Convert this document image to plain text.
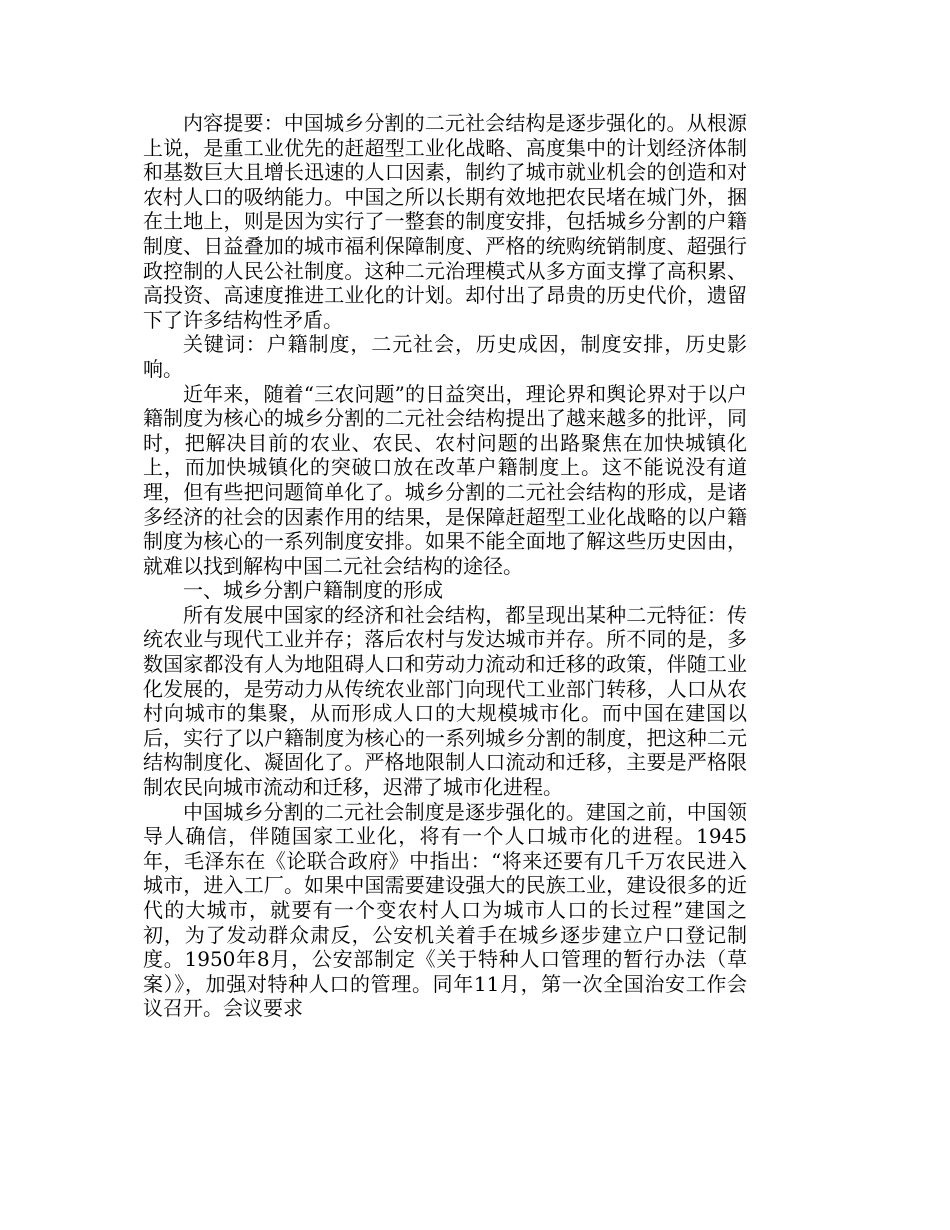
内容提要：中国城乡分割的二元社会结构是逐步强化的。从根源上说，是重工业优先的赶超型工业化战略、高度集中的计划经济体制和基数巨大且增长迅速的人口因素，制约了城市就业机会的创造和对农村人口的吸纳能力。中国之所以长期有效地把农民堵在城门外，捆在土地上，则是因为实行了一整套的制度安排，包括城乡分割的户籍制度、日益叠加的城市福利保障制度、严格的统购统销制度、超强行政控制的人民公社制度。这种二元治理模式从多方面支撑了高积累、高投资、高速度推进工业化的计划。却付出了昂贵的历史代价，遗留下了许多结构性矛盾。

关键词：户籍制度，二元社会，历史成因，制度安排，历史影响。

近年来，随着“三农问题”的日益突出，理论界和舆论界对于以户籍制度为核心的城乡分割的二元社会结构提出了越来越多的批评，同时，把解决目前的农业、农民、农村问题的出路聚焦在加快城镇化上，而加快城镇化的突破口放在改革户籍制度上。这不能说没有道理，但有些把问题简单化了。城乡分割的二元社会结构的形成，是诸多经济的社会的因素作用的结果，是保障赶超型工业化战略的以户籍制度为核心的一系列制度安排。如果不能全面地了解这些历史因由，就难以找到解构中国二元社会结构的途径。

一、城乡分割户籍制度的形成

所有发展中国家的经济和社会结构，都呈现出某种二元特征：传统农业与现代工业并存；落后农村与发达城市并存。所不同的是，多数国家都没有人为地阻碍人口和劳动力流动和迁移的政策，伴随工业化发展的，是劳动力从传统农业部门向现代工业部门转移，人口从农村向城市的集聚，从而形成人口的大规模城市化。而中国在建国以后，实行了以户籍制度为核心的一系列城乡分割的制度，把这种二元结构制度化、凝固化了。严格地限制人口流动和迁移，主要是严格限制农民向城市流动和迁移，迟滞了城市化进程。

中国城乡分割的二元社会制度是逐步强化的。建国之前，中国领导人确信，伴随国家工业化，将有一个人口城市化的进程。1945年，毛泽东在《论联合政府》中指出：“将来还要有几千万农民进入城市，进入工厂。如果中国需要建设强大的民族工业，建设很多的近代的大城市，就要有一个变农村人口为城市人口的长过程”建国之初，为了发动群众肃反，公安机关着手在城乡逐步建立户口登记制度。1950年8月，公安部制定《关于特种人口管理的暂行办法（草案）》，加强对特种人口的管理。同年11月，第一次全国治安工作会议召开。会议要求
